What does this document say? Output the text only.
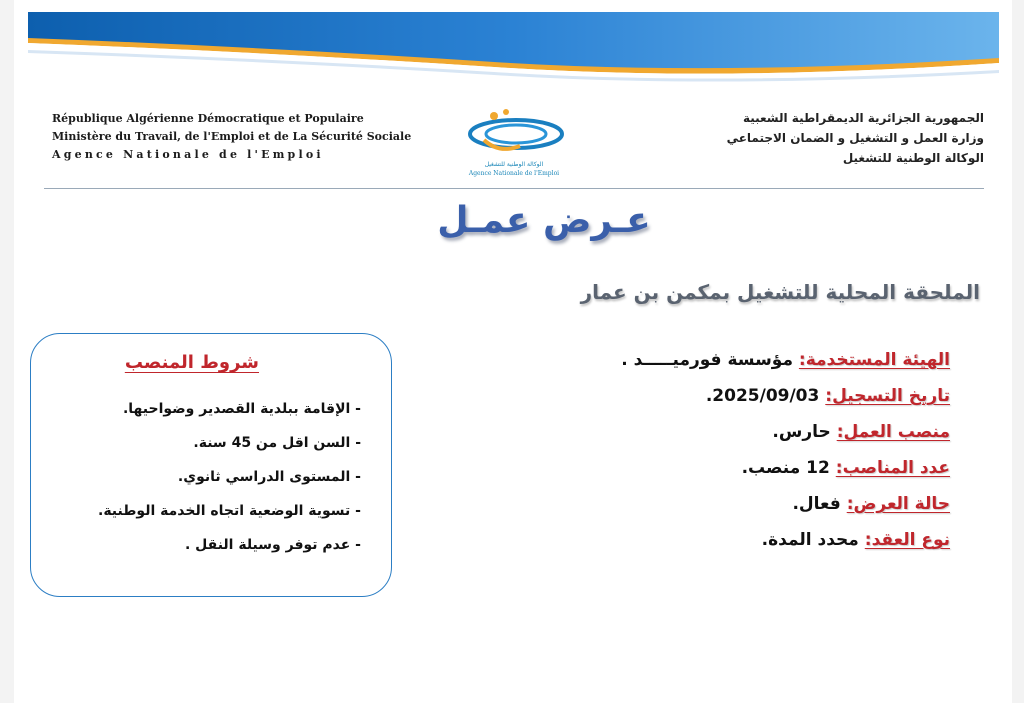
République Algérienne Démocratique et Populaire
Ministère du Travail, de l'Emploi et de La Sécurité Sociale
Agence Nationale de l'Emploi
الوكالة الوطنية للتشغيل
Agence Nationale de l'Emploi
الجمهورية الجزائرية الديمقراطية الشعبية
وزارة العمل و التشغيل و الضمان الاجتماعي
الوكالة الوطنية للتشغيل
عـرض عمـل
الملحقة المحلية للتشغيل بمكمن بن عمار
الهيئة المستخدمة: مؤسسة فورميـــــد .
تاريخ التسجيل: 2025/09/03.
منصب العمل: حارس.
عدد المناصب: 12 منصب.
حالة العرض: فعال.
نوع العقد: محدد المدة.
شروط المنصب
- الإقامة ببلدية القصدير وضواحيها.
- السن اقل من 45 سنة.
- المستوى الدراسي ثانوي.
- تسوية الوضعية اتجاه الخدمة الوطنية.
- عدم توفر وسيلة النقل .
